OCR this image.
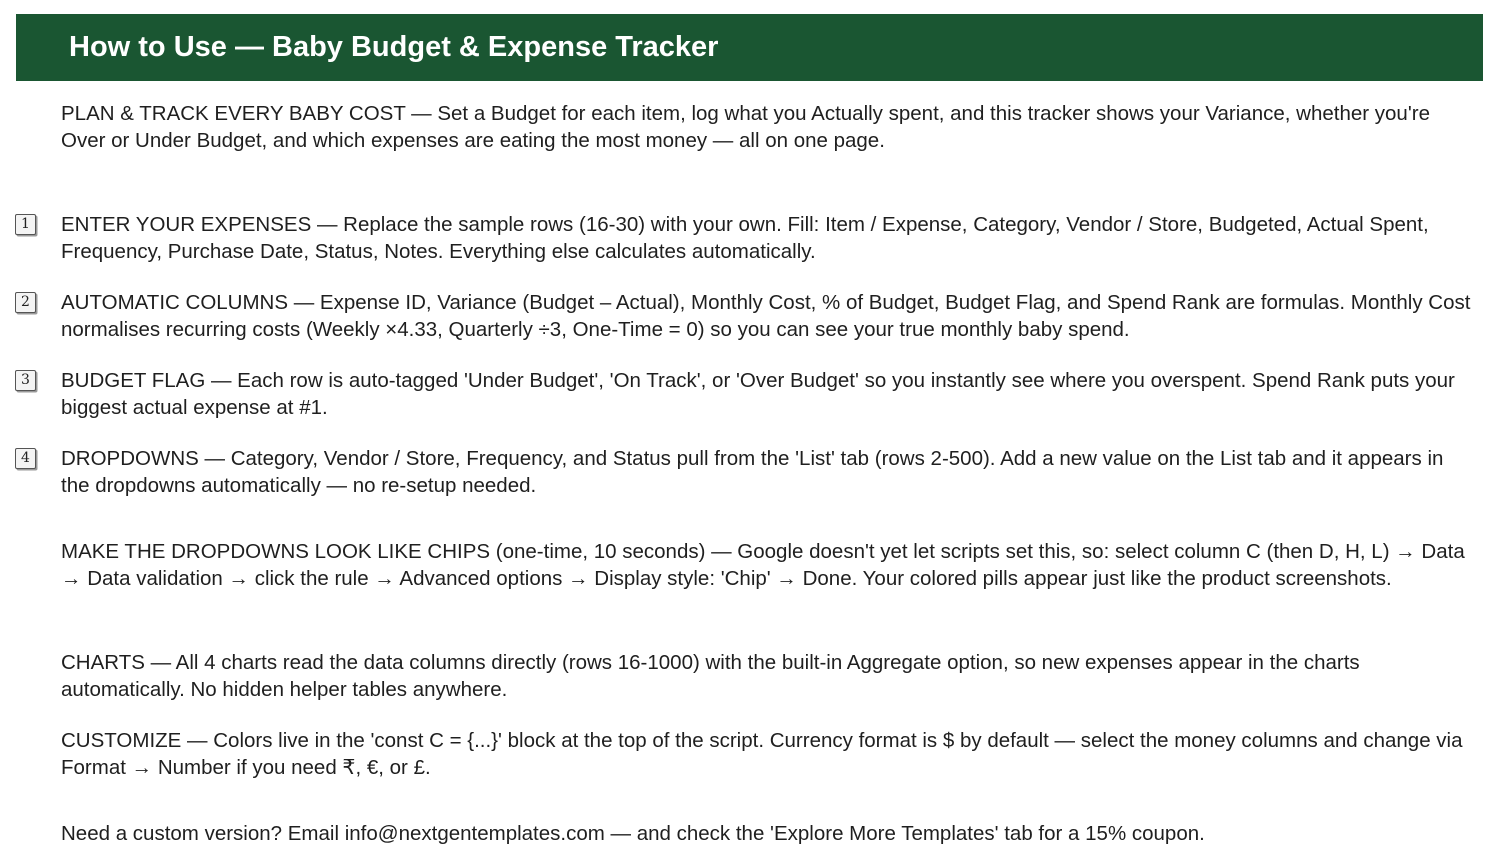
How to Use — Baby Budget & Expense Tracker

PLAN & TRACK EVERY BABY COST — Set a Budget for each item, log what you Actually spent, and this tracker shows your Variance, whether you're Over or Under Budget, and which expenses are eating the most money — all on one page.

1 ENTER YOUR EXPENSES — Replace the sample rows (16-30) with your own. Fill: Item / Expense, Category, Vendor / Store, Budgeted, Actual Spent, Frequency, Purchase Date, Status, Notes. Everything else calculates automatically.

2 AUTOMATIC COLUMNS — Expense ID, Variance (Budget – Actual), Monthly Cost, % of Budget, Budget Flag, and Spend Rank are formulas. Monthly Cost normalises recurring costs (Weekly ×4.33, Quarterly ÷3, One-Time = 0) so you can see your true monthly baby spend.

3 BUDGET FLAG — Each row is auto-tagged 'Under Budget', 'On Track', or 'Over Budget' so you instantly see where you overspent. Spend Rank puts your biggest actual expense at #1.

4 DROPDOWNS — Category, Vendor / Store, Frequency, and Status pull from the 'List' tab (rows 2-500). Add a new value on the List tab and it appears in the dropdowns automatically — no re-setup needed.

MAKE THE DROPDOWNS LOOK LIKE CHIPS (one-time, 10 seconds) — Google doesn't yet let scripts set this, so: select column C (then D, H, L) → Data → Data validation → click the rule → Advanced options → Display style: 'Chip' → Done. Your colored pills appear just like the product screenshots.

CHARTS — All 4 charts read the data columns directly (rows 16-1000) with the built-in Aggregate option, so new expenses appear in the charts automatically. No hidden helper tables anywhere.

CUSTOMIZE — Colors live in the 'const C = {...}' block at the top of the script. Currency format is $ by default — select the money columns and change via Format → Number if you need ₹, €, or £.

Need a custom version? Email info@nextgentemplates.com — and check the 'Explore More Templates' tab for a 15% coupon.
